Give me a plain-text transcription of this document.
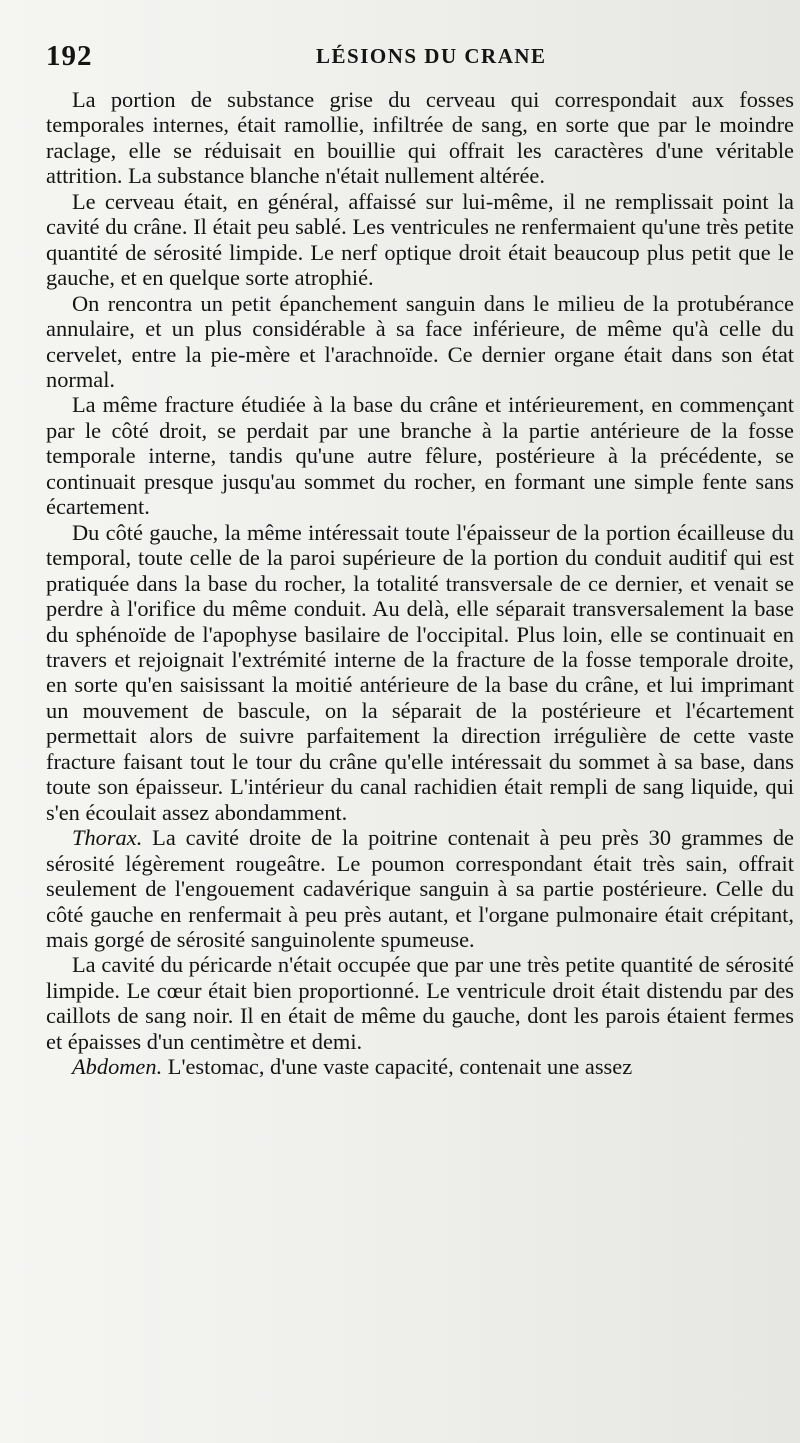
192	LÉSIONS DU CRANE

La portion de substance grise du cerveau qui correspondait aux fosses temporales internes, était ramollie, infiltrée de sang, en sorte que par le moindre raclage, elle se réduisait en bouillie qui offrait les caractères d'une véritable attrition. La substance blanche n'était nullement altérée.

Le cerveau était, en général, affaissé sur lui-même, il ne remplissait point la cavité du crâne. Il était peu sablé. Les ventricules ne renfermaient qu'une très petite quantité de sérosité limpide. Le nerf optique droit était beaucoup plus petit que le gauche, et en quelque sorte atrophié.

On rencontra un petit épanchement sanguin dans le milieu de la protubérance annulaire, et un plus considérable à sa face inférieure, de même qu'à celle du cervelet, entre la pie-mère et l'arachnoïde. Ce dernier organe était dans son état normal.

La même fracture étudiée à la base du crâne et intérieurement, en commençant par le côté droit, se perdait par une branche à la partie antérieure de la fosse temporale interne, tandis qu'une autre fêlure, postérieure à la précédente, se continuait presque jusqu'au sommet du rocher, en formant une simple fente sans écartement.

Du côté gauche, la même intéressait toute l'épaisseur de la portion écailleuse du temporal, toute celle de la paroi supérieure de la portion du conduit auditif qui est pratiquée dans la base du rocher, la totalité transversale de ce dernier, et venait se perdre à l'orifice du même conduit. Au delà, elle séparait transversalement la base du sphénoïde de l'apophyse basilaire de l'occipital. Plus loin, elle se continuait en travers et rejoignait l'extrémité interne de la fracture de la fosse temporale droite, en sorte qu'en saisissant la moitié antérieure de la base du crâne, et lui imprimant un mouvement de bascule, on la séparait de la postérieure et l'écartement permettait alors de suivre parfaitement la direction irrégulière de cette vaste fracture faisant tout le tour du crâne qu'elle intéressait du sommet à sa base, dans toute son épaisseur. L'intérieur du canal rachidien était rempli de sang liquide, qui s'en écoulait assez abondamment.

Thorax. La cavité droite de la poitrine contenait à peu près 30 grammes de sérosité légèrement rougeâtre. Le poumon correspondant était très sain, offrait seulement de l'engouement cadavérique sanguin à sa partie postérieure. Celle du côté gauche en renfermait à peu près autant, et l'organe pulmonaire était crépitant, mais gorgé de sérosité sanguinolente spumeuse.

La cavité du péricarde n'était occupée que par une très petite quantité de sérosité limpide. Le cœur était bien proportionné. Le ventricule droit était distendu par des caillots de sang noir. Il en était de même du gauche, dont les parois étaient fermes et épaisses d'un centimètre et demi.

Abdomen. L'estomac, d'une vaste capacité, contenait une assez
